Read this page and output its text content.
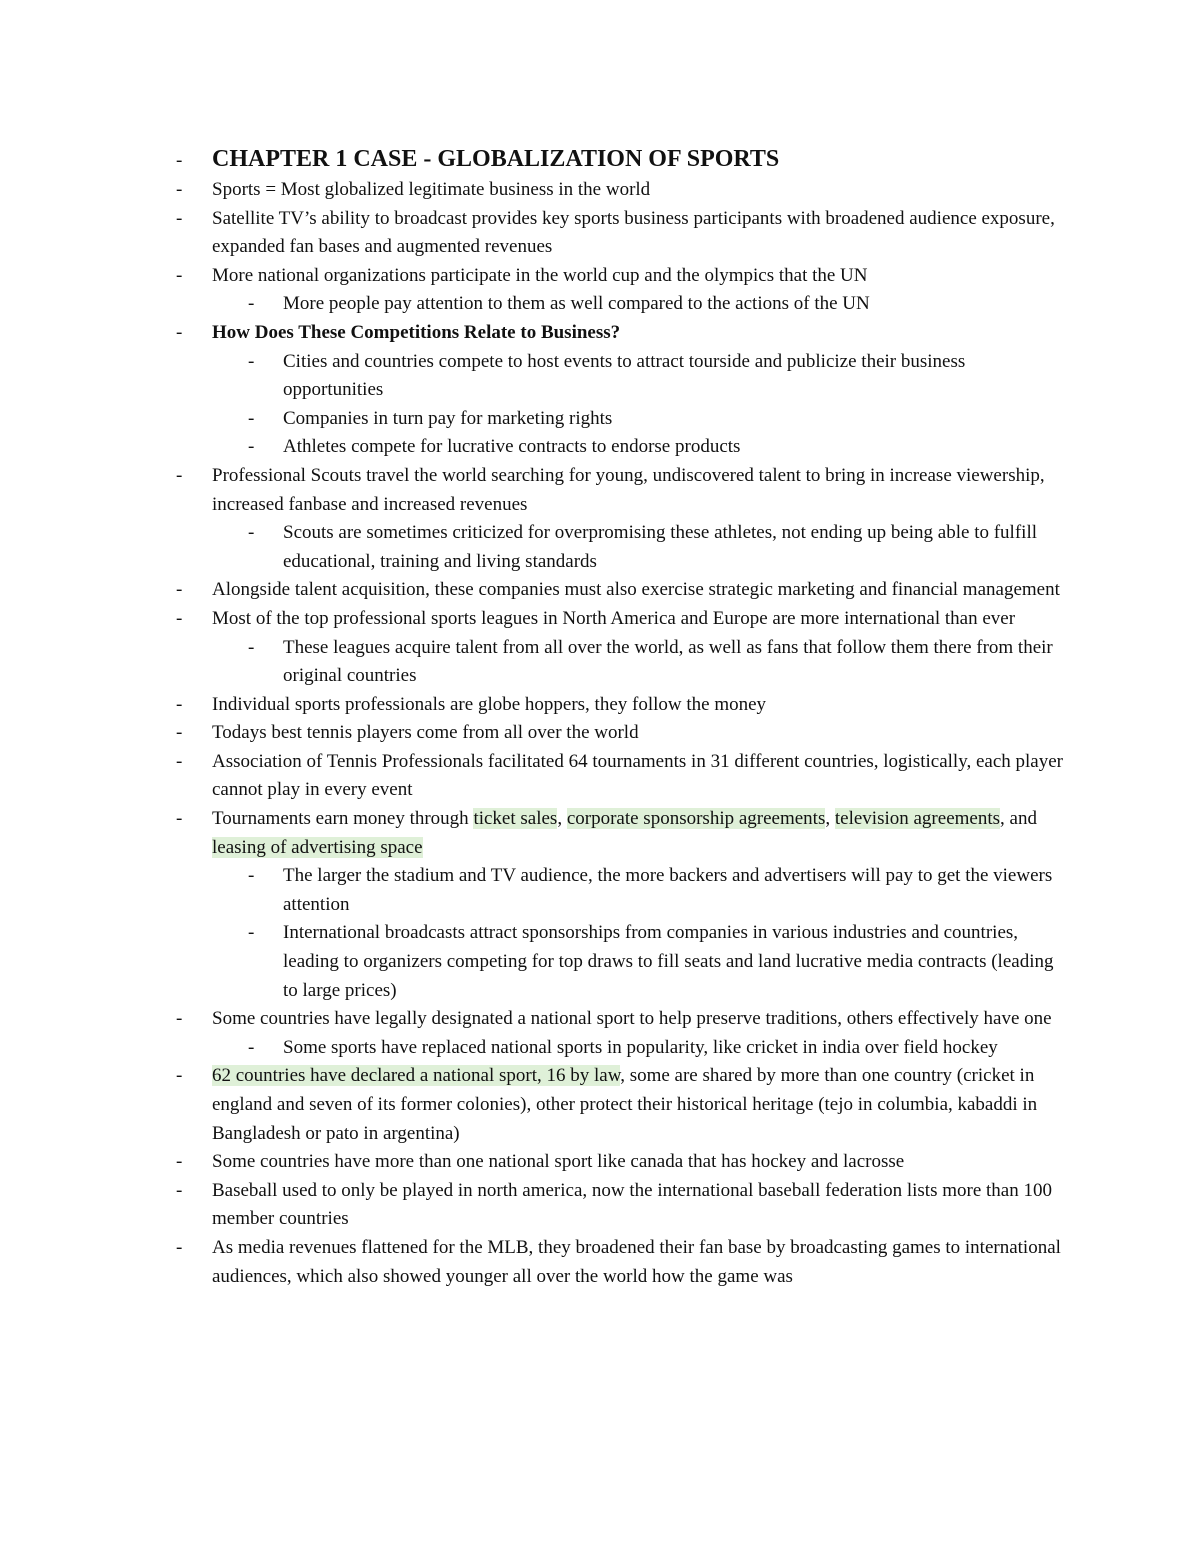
- CHAPTER 1 CASE - GLOBALIZATION OF SPORTS
- Sports = Most globalized legitimate business in the world
- Satellite TV’s ability to broadcast provides key sports business participants with broadened audience exposure, expanded fan bases and augmented revenues
- More national organizations participate in the world cup and the olympics that the UN
- More people pay attention to them as well compared to the actions of the UN
- How Does These Competitions Relate to Business?
- Cities and countries compete to host events to attract tourside and publicize their business opportunities
- Companies in turn pay for marketing rights
- Athletes compete for lucrative contracts to endorse products
- Professional Scouts travel the world searching for young, undiscovered talent to bring in increase viewership, increased fanbase and increased revenues
- Scouts are sometimes criticized for overpromising these athletes, not ending up being able to fulfill educational, training and living standards
- Alongside talent acquisition, these companies must also exercise strategic marketing and financial management
- Most of the top professional sports leagues in North America and Europe are more international than ever
- These leagues acquire talent from all over the world, as well as fans that follow them there from their original countries
- Individual sports professionals are globe hoppers, they follow the money
- Todays best tennis players come from all over the world
- Association of Tennis Professionals facilitated 64 tournaments in 31 different countries, logistically, each player cannot play in every event
- Tournaments earn money through ticket sales, corporate sponsorship agreements, television agreements, and leasing of advertising space
- The larger the stadium and TV audience, the more backers and advertisers will pay to get the viewers attention
- International broadcasts attract sponsorships from companies in various industries and countries, leading to organizers competing for top draws to fill seats and land lucrative media contracts (leading to large prices)
- Some countries have legally designated a national sport to help preserve traditions, others effectively have one
- Some sports have replaced national sports in popularity, like cricket in india over field hockey
- 62 countries have declared a national sport, 16 by law, some are shared by more than one country (cricket in england and seven of its former colonies), other protect their historical heritage (tejo in columbia, kabaddi in Bangladesh or pato in argentina)
- Some countries have more than one national sport like canada that has hockey and lacrosse
- Baseball used to only be played in north america, now the international baseball federation lists more than 100 member countries
- As media revenues flattened for the MLB, they broadened their fan base by broadcasting games to international audiences, which also showed younger all over the world how the game was
